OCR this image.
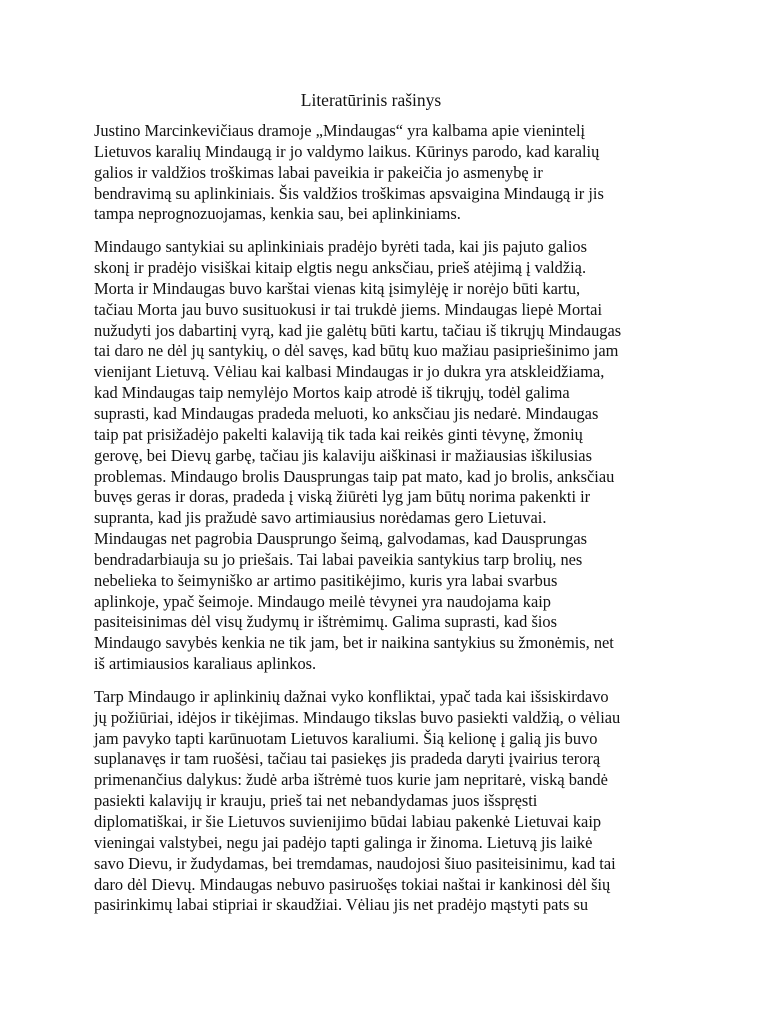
Literatūrinis rašinys

Justino Marcinkevičiaus dramoje „Mindaugas“ yra kalbama apie vienintelį
Lietuvos karalių Mindaugą ir jo valdymo laikus. Kūrinys parodo, kad karalių
galios ir valdžios troškimas labai paveikia ir pakeičia jo asmenybę ir
bendravimą su aplinkiniais. Šis valdžios troškimas apsvaigina Mindaugą ir jis
tampa neprognozuojamas, kenkia sau, bei aplinkiniams.

Mindaugo santykiai su aplinkiniais pradėjo byrėti tada, kai jis pajuto galios
skonį ir pradėjo visiškai kitaip elgtis negu anksčiau, prieš atėjimą į valdžią.
Morta ir Mindaugas buvo karštai vienas kitą įsimylėję ir norėjo būti kartu,
tačiau Morta jau buvo susituokusi ir tai trukdė jiems. Mindaugas liepė Mortai
nužudyti jos dabartinį vyrą, kad jie galėtų būti kartu, tačiau iš tikrųjų Mindaugas
tai daro ne dėl jų santykių, o dėl savęs, kad būtų kuo mažiau pasipriešinimo jam
vienijant Lietuvą. Vėliau kai kalbasi Mindaugas ir jo dukra yra atskleidžiama,
kad Mindaugas taip nemylėjo Mortos kaip atrodė iš tikrųjų, todėl galima
suprasti, kad Mindaugas pradeda meluoti, ko anksčiau jis nedarė. Mindaugas
taip pat prisižadėjo pakelti kalaviją tik tada kai reikės ginti tėvynę, žmonių
gerovę, bei Dievų garbę, tačiau jis kalaviju aiškinasi ir mažiausias iškilusias
problemas. Mindaugo brolis Dausprungas taip pat mato, kad jo brolis, anksčiau
buvęs geras ir doras, pradeda į viską žiūrėti lyg jam būtų norima pakenkti ir
supranta, kad jis pražudė savo artimiausius norėdamas gero Lietuvai.
Mindaugas net pagrobia Dausprungo šeimą, galvodamas, kad Dausprungas
bendradarbiauja su jo priešais. Tai labai paveikia santykius tarp brolių, nes
nebelieka to šeimyniško ar artimo pasitikėjimo, kuris yra labai svarbus
aplinkoje, ypač šeimoje. Mindaugo meilė tėvynei yra naudojama kaip
pasiteisinimas dėl visų žudymų ir ištrėmimų. Galima suprasti, kad šios
Mindaugo savybės kenkia ne tik jam, bet ir naikina santykius su žmonėmis, net
iš artimiausios karaliaus aplinkos.

Tarp Mindaugo ir aplinkinių dažnai vyko konfliktai, ypač tada kai išsiskirdavo
jų požiūriai, idėjos ir tikėjimas. Mindaugo tikslas buvo pasiekti valdžią, o vėliau
jam pavyko tapti karūnuotam Lietuvos karaliumi. Šią kelionę į galią jis buvo
suplanavęs ir tam ruošėsi, tačiau tai pasiekęs jis pradeda daryti įvairius terorą
primenančius dalykus: žudė arba ištrėmė tuos kurie jam nepritarė, viską bandė
pasiekti kalavijų ir krauju, prieš tai net nebandydamas juos išspręsti
diplomatiškai, ir šie Lietuvos suvienijimo būdai labiau pakenkė Lietuvai kaip
vieningai valstybei, negu jai padėjo tapti galinga ir žinoma. Lietuvą jis laikė
savo Dievu, ir žudydamas, bei tremdamas, naudojosi šiuo pasiteisinimu, kad tai
daro dėl Dievų. Mindaugas nebuvo pasiruošęs tokiai naštai ir kankinosi dėl šių
pasirinkimų labai stipriai ir skaudžiai. Vėliau jis net pradėjo mąstyti pats su
